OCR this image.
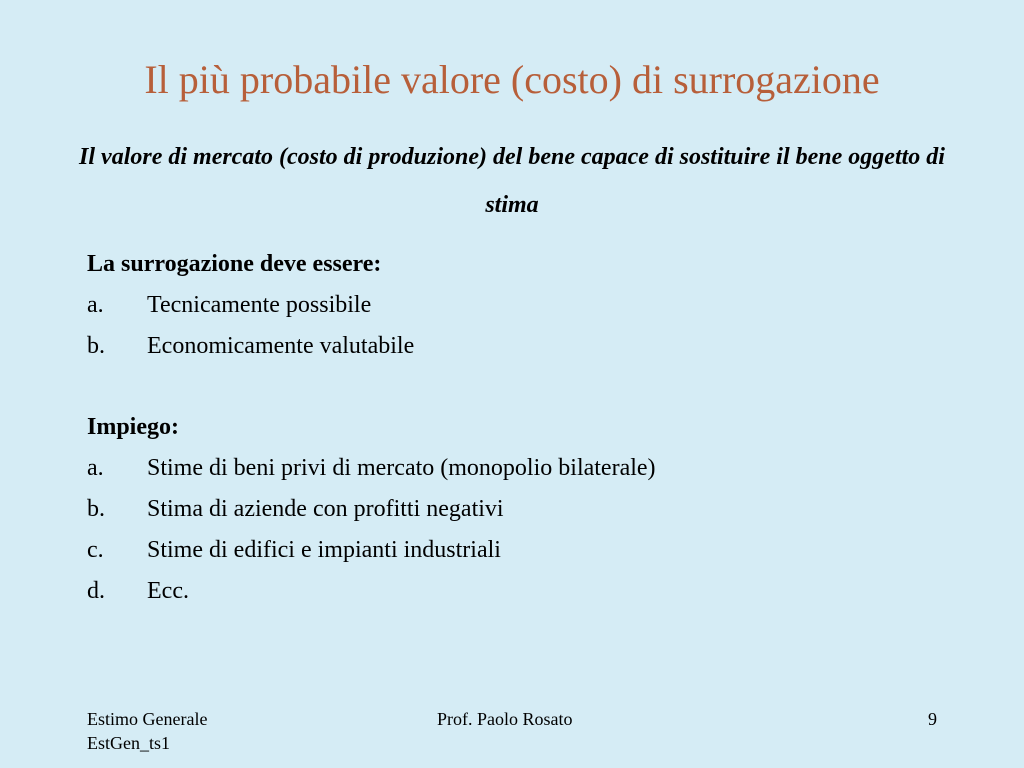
Il più probabile valore (costo) di surrogazione
Il valore di mercato (costo di produzione) del bene capace di sostituire il bene oggetto di stima
La surrogazione deve essere:
a. Tecnicamente possibile
b. Economicamente valutabile
Impiego:
a. Stime di beni privi di mercato (monopolio bilaterale)
b. Stima di aziende con profitti negativi
c. Stime di edifici e impianti industriali
d. Ecc.
Estimo Generale
EstGen_ts1
Prof. Paolo Rosato	9
